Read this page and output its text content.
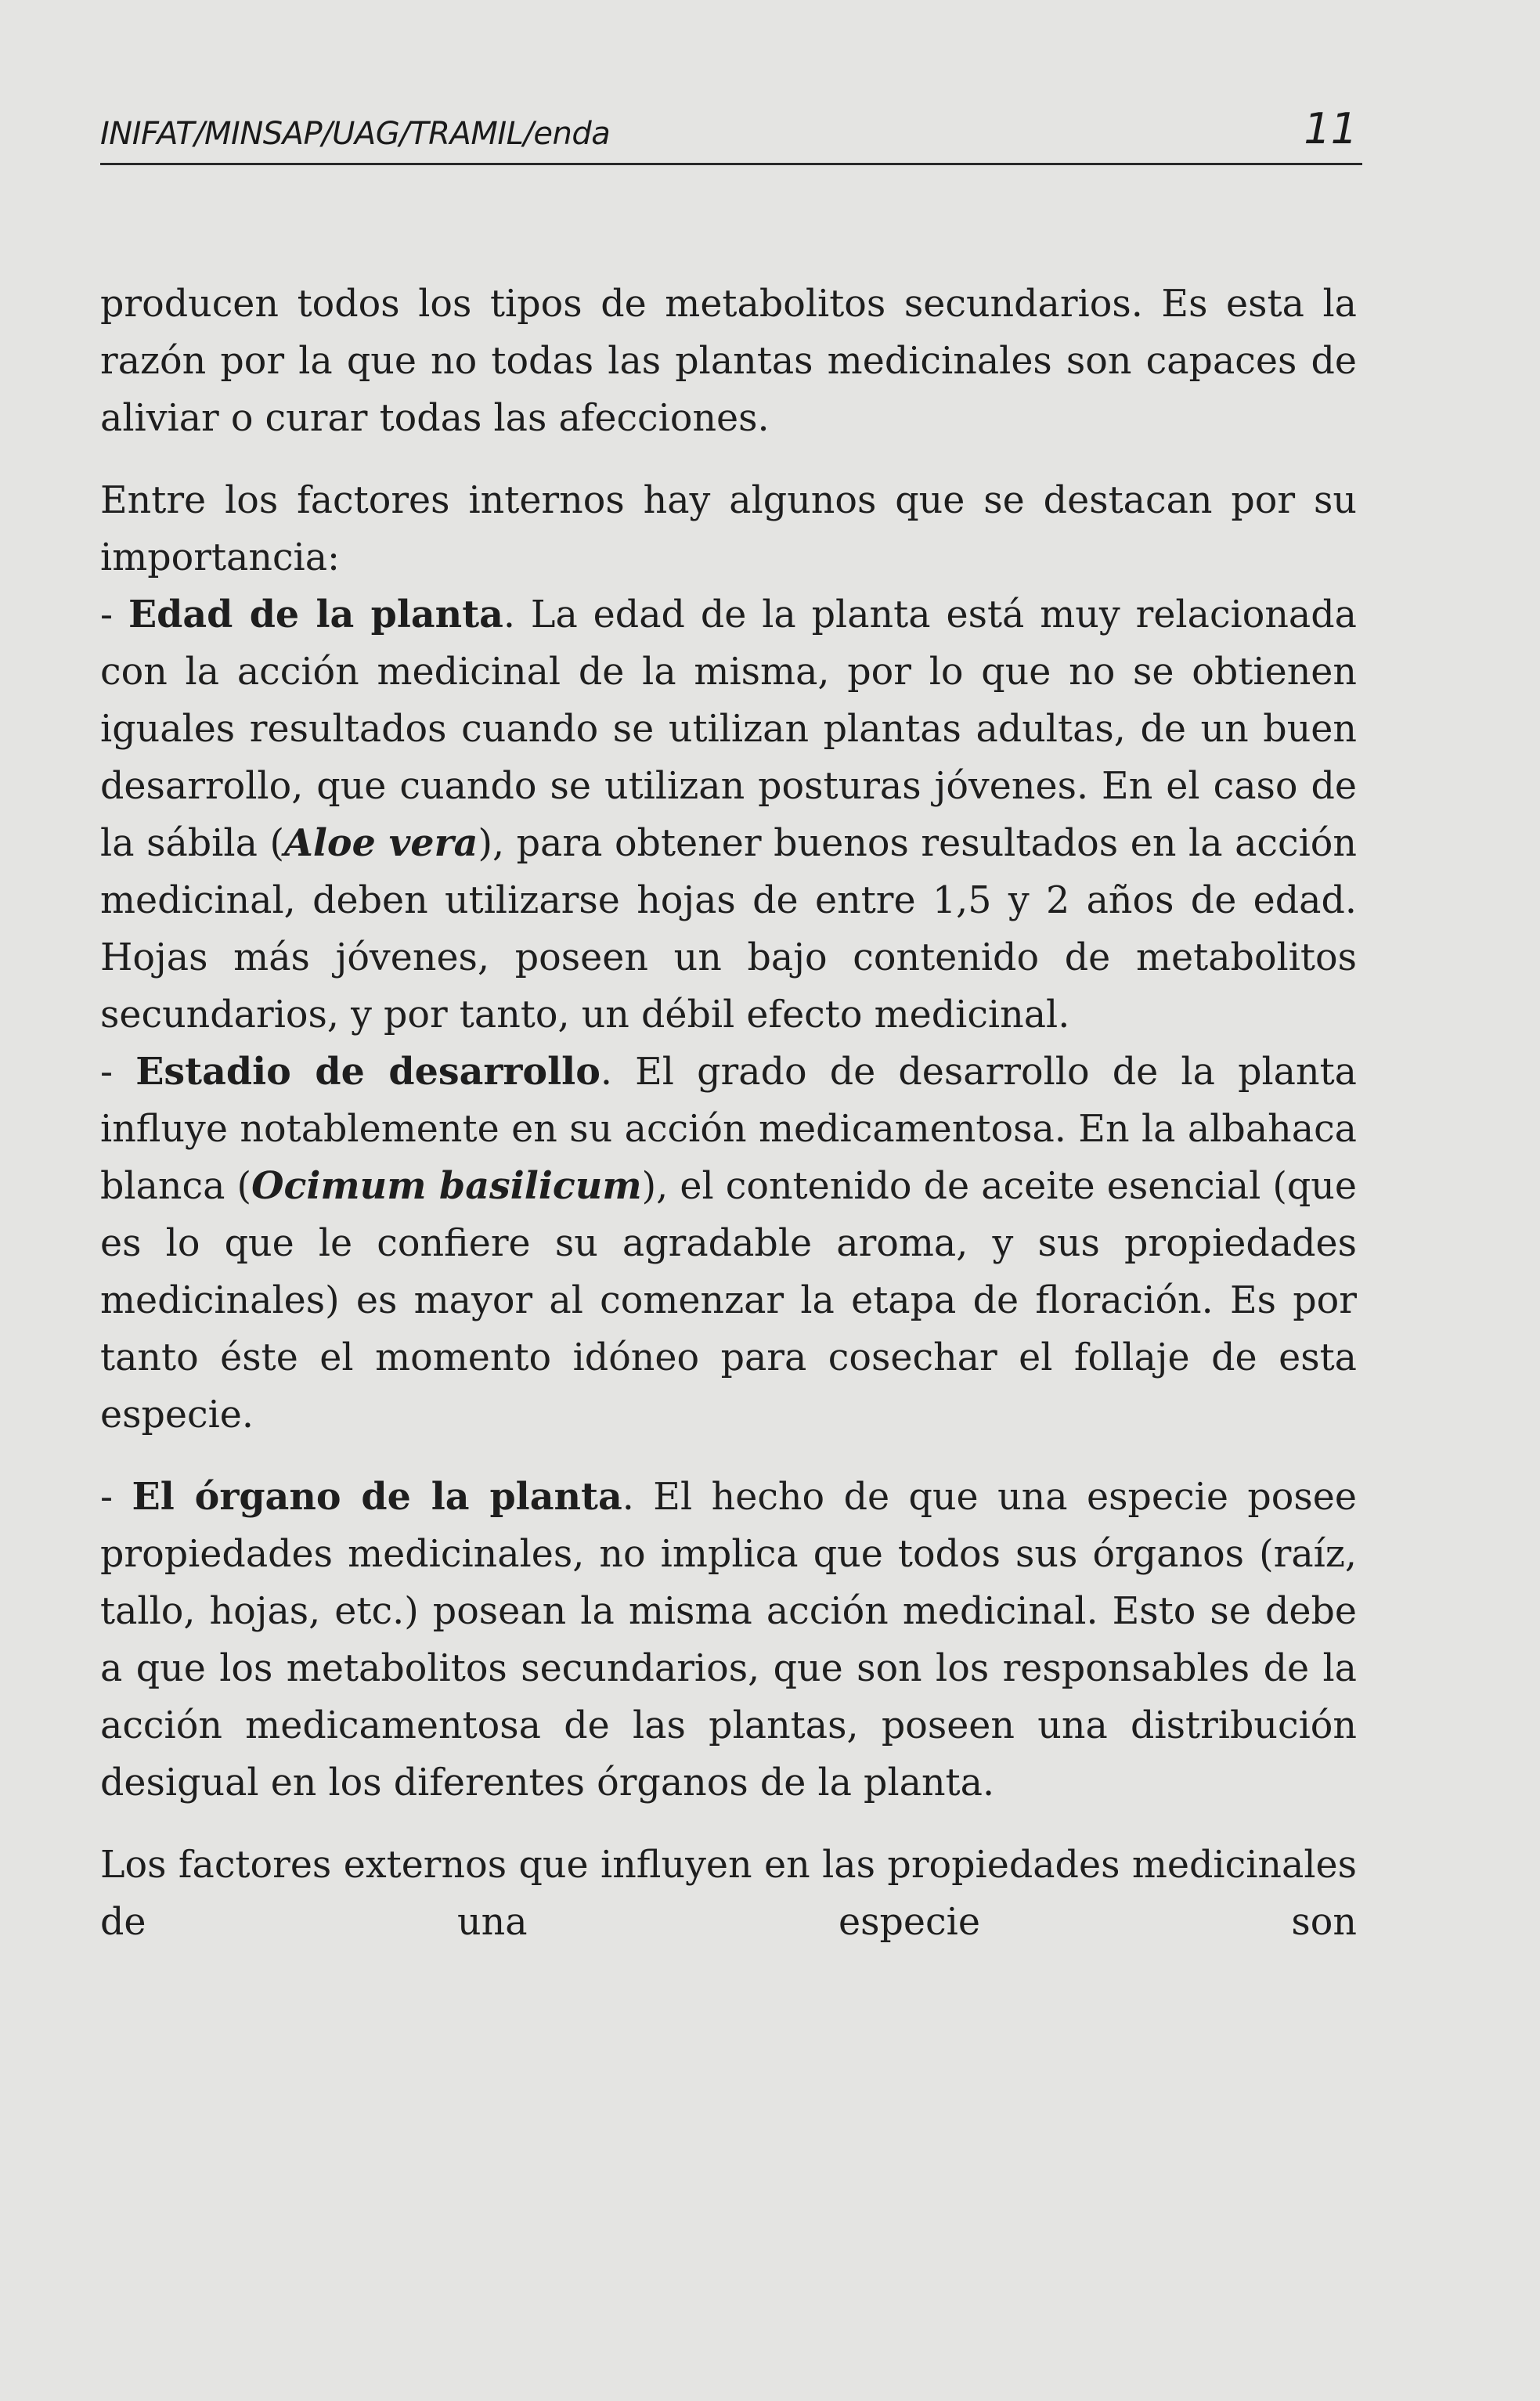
INIFAT/MINSAP/UAG/TRAMIL/enda	11

producen todos los tipos de metabolitos secundarios. Es esta la razón por la que no todas las plantas medicinales son capaces de aliviar o curar todas las afecciones.

Entre los factores internos hay algunos que se destacan por su importancia:

- Edad de la planta. La edad de la planta está muy relacionada con la acción medicinal de la misma, por lo que no se obtienen iguales resultados cuando se utilizan plantas adultas, de un buen desarrollo, que cuando se utilizan posturas jóvenes. En el caso de la sábila (Aloe vera), para obtener buenos resultados en la acción medicinal, deben utilizarse hojas de entre 1,5 y 2 años de edad. Hojas más jóvenes, poseen un bajo contenido de metabolitos secundarios, y por tanto, un débil efecto medicinal.

- Estadio de desarrollo. El grado de desarrollo de la planta influye notablemente en su acción medicamentosa. En la albahaca blanca (Ocimum basilicum), el contenido de aceite esencial (que es lo que le confiere su agradable aroma, y sus propiedades medicinales) es mayor al comenzar la etapa de floración. Es por tanto éste el momento idóneo para cosechar el follaje de esta especie.

- El órgano de la planta. El hecho de que una especie posee propiedades medicinales, no implica que todos sus órganos (raíz, tallo, hojas, etc.) posean la misma acción medicinal. Esto se debe a que los metabolitos secundarios, que son los responsables de la acción medicamentosa de las plantas, poseen una distribución desigual en los diferentes órganos de la planta.

Los factores externos que influyen en las propiedades medicinales de una especie son
